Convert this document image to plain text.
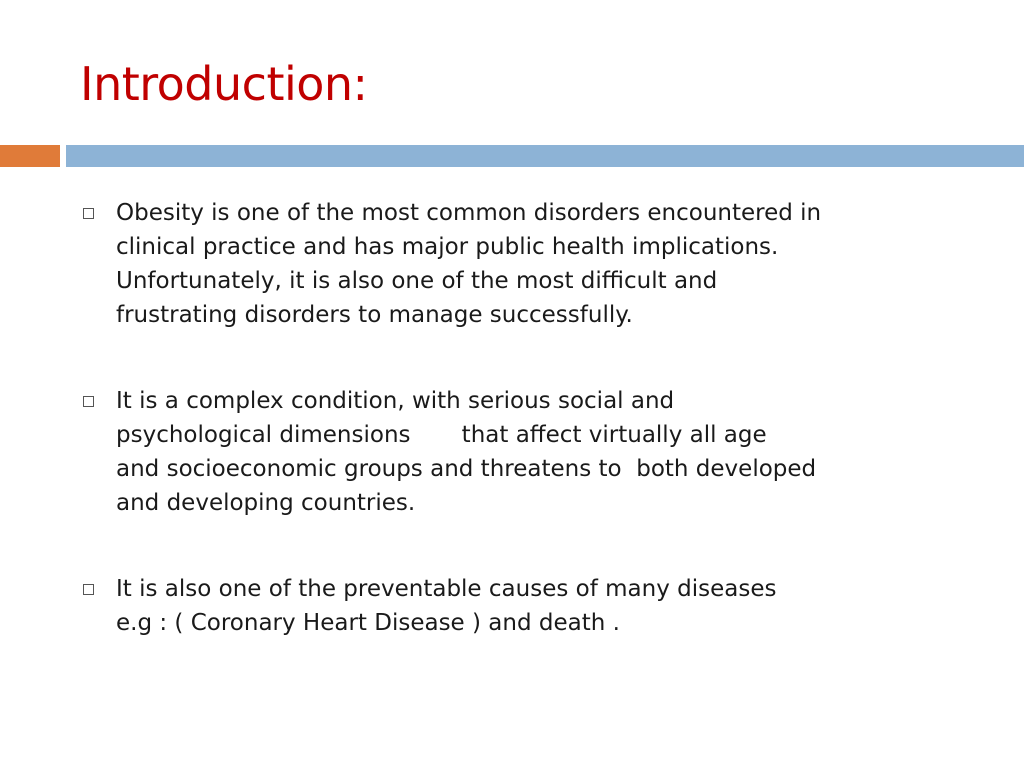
Introduction:
Obesity is one of the most common disorders encountered in
clinical practice and has major public health implications.
Unfortunately, it is also one of the most difficult and
frustrating disorders to manage successfully.
It is a complex condition, with serious social and
psychological dimensions       that affect virtually all age
and socioeconomic groups and threatens to  both developed
and developing countries.
It is also one of the preventable causes of many diseases
e.g : ( Coronary Heart Disease ) and death .
